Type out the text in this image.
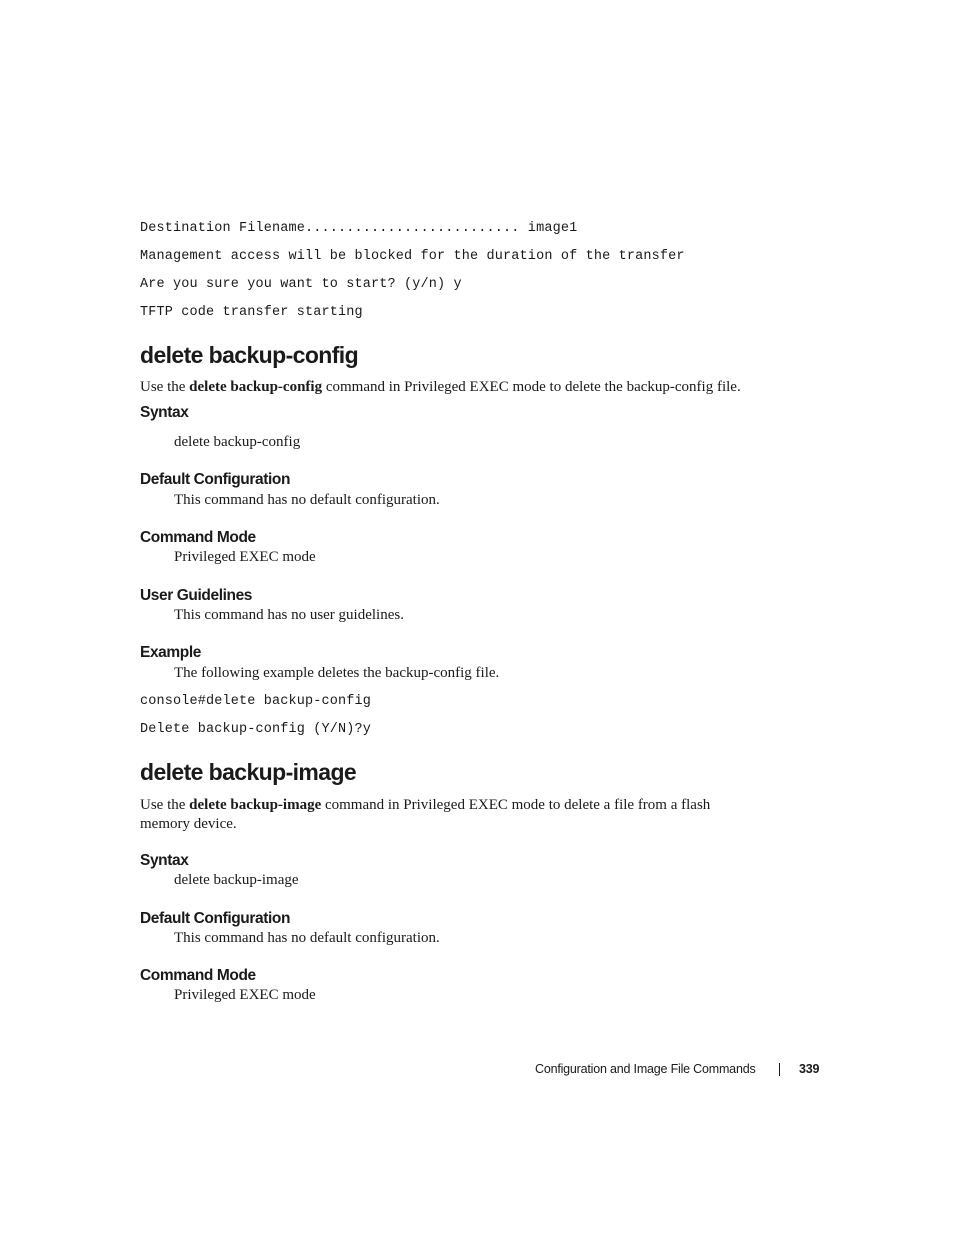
Destination Filename.......................... image1
Management access will be blocked for the duration of the transfer
Are you sure you want to start? (y/n) y
TFTP code transfer starting
delete backup-config
Use the delete backup-config command in Privileged EXEC mode to delete the backup-config file.
Syntax
delete backup-config
Default Configuration
This command has no default configuration.
Command Mode
Privileged EXEC mode
User Guidelines
This command has no user guidelines.
Example
The following example deletes the backup-config file.
console#delete backup-config
Delete backup-config (Y/N)?y
delete backup-image
Use the delete backup-image command in Privileged EXEC mode to delete a file from a flash memory device.
Syntax
delete backup-image
Default Configuration
This command has no default configuration.
Command Mode
Privileged EXEC mode
Configuration and Image File Commands	339
